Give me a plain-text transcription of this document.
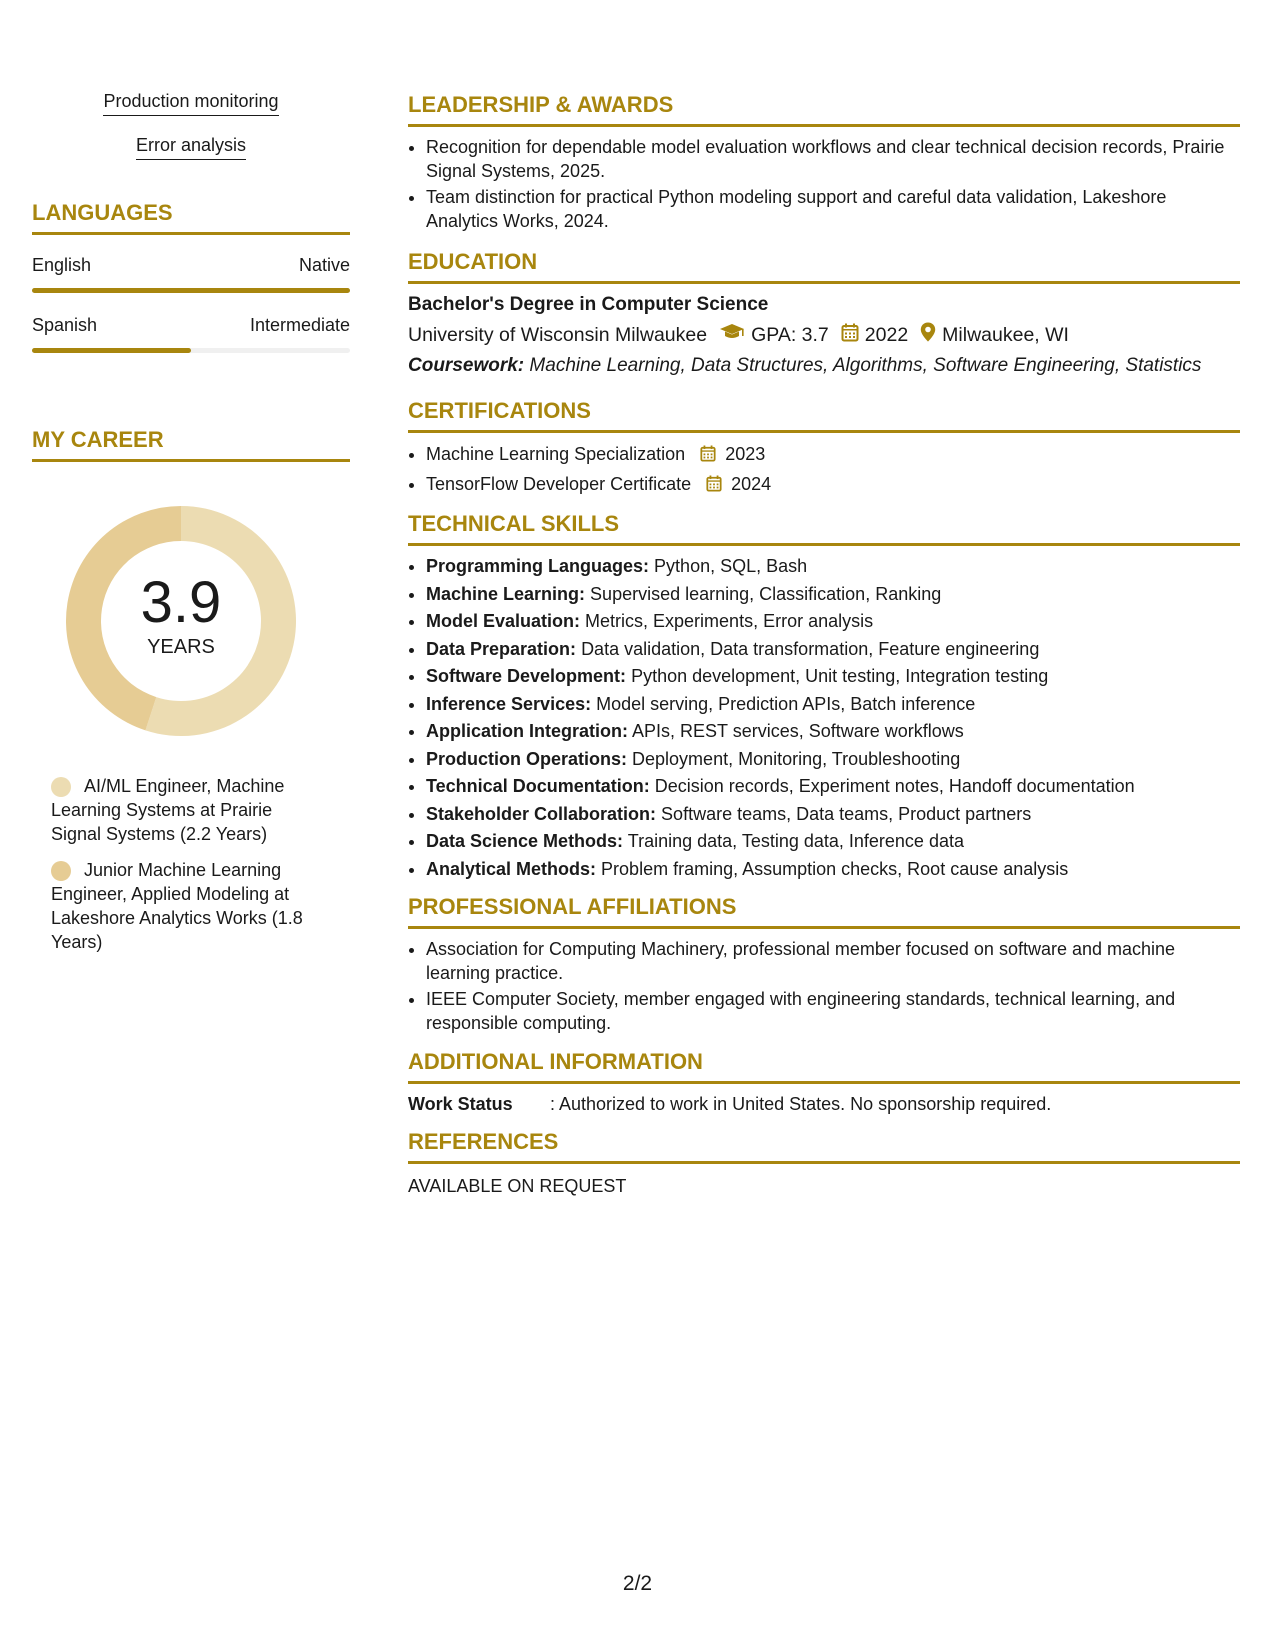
Production monitoring
Error analysis
LANGUAGES
English	Native
Spanish	Intermediate
MY CAREER
3.9
YEARS
AI/ML Engineer, Machine Learning Systems at Prairie Signal Systems (2.2 Years)
Junior Machine Learning Engineer, Applied Modeling at Lakeshore Analytics Works (1.8 Years)
LEADERSHIP & AWARDS
• Recognition for dependable model evaluation workflows and clear technical decision records, Prairie Signal Systems, 2025.
• Team distinction for practical Python modeling support and careful data validation, Lakeshore Analytics Works, 2024.
EDUCATION
Bachelor's Degree in Computer Science
University of Wisconsin Milwaukee GPA: 3.7 2022 Milwaukee, WI
Coursework: Machine Learning, Data Structures, Algorithms, Software Engineering, Statistics
CERTIFICATIONS
• Machine Learning Specialization 2023
• TensorFlow Developer Certificate 2024
TECHNICAL SKILLS
• Programming Languages: Python, SQL, Bash
• Machine Learning: Supervised learning, Classification, Ranking
• Model Evaluation: Metrics, Experiments, Error analysis
• Data Preparation: Data validation, Data transformation, Feature engineering
• Software Development: Python development, Unit testing, Integration testing
• Inference Services: Model serving, Prediction APIs, Batch inference
• Application Integration: APIs, REST services, Software workflows
• Production Operations: Deployment, Monitoring, Troubleshooting
• Technical Documentation: Decision records, Experiment notes, Handoff documentation
• Stakeholder Collaboration: Software teams, Data teams, Product partners
• Data Science Methods: Training data, Testing data, Inference data
• Analytical Methods: Problem framing, Assumption checks, Root cause analysis
PROFESSIONAL AFFILIATIONS
• Association for Computing Machinery, professional member focused on software and machine learning practice.
• IEEE Computer Society, member engaged with engineering standards, technical learning, and responsible computing.
ADDITIONAL INFORMATION
Work Status	: Authorized to work in United States. No sponsorship required.
REFERENCES
AVAILABLE ON REQUEST
2/2
